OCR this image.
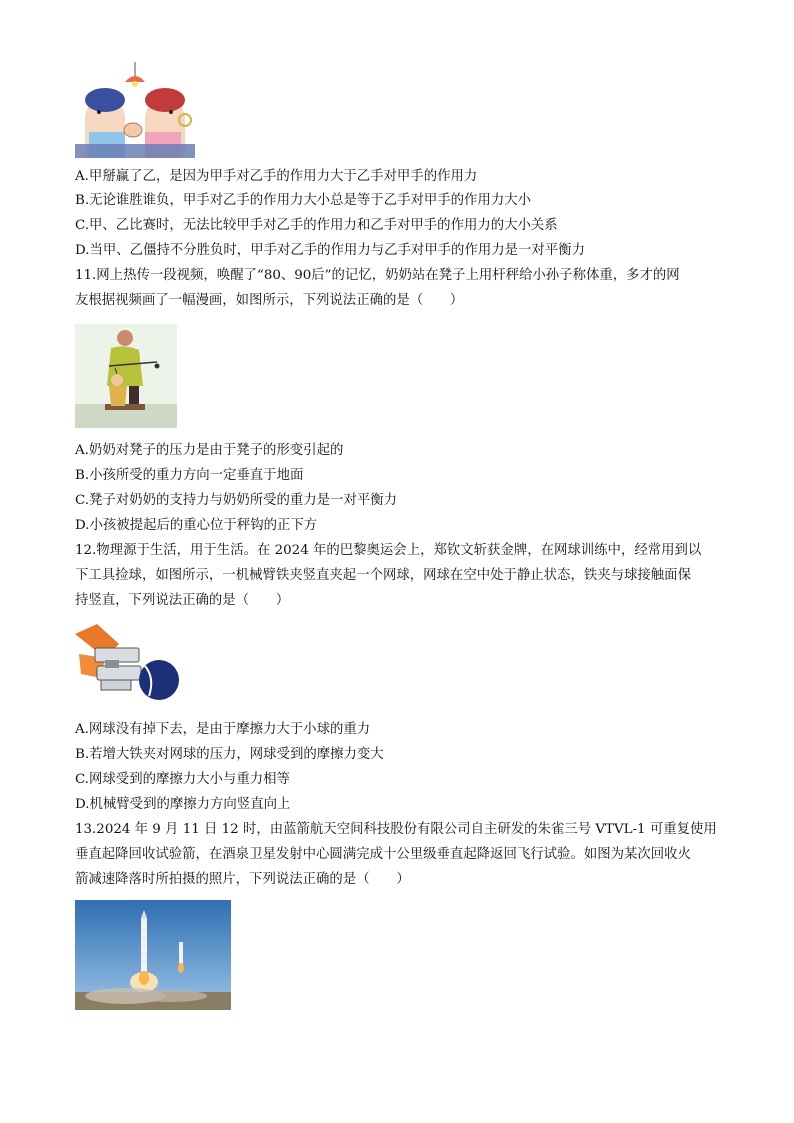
A.甲掰赢了乙，是因为甲手对乙手的作用力大于乙手对甲手的作用力
B.无论谁胜谁负，甲手对乙手的作用力大小总是等于乙手对甲手的作用力大小
C.甲、乙比赛时，无法比较甲手对乙手的作用力和乙手对甲手的作用力的大小关系
D.当甲、乙僵持不分胜负时，甲手对乙手的作用力与乙手对甲手的作用力是一对平衡力
11.网上热传一段视频，唤醒了“80、90后”的记忆，奶奶站在凳子上用杆秤给小孙子称体重，多才的网
友根据视频画了一幅漫画，如图所示，下列说法正确的是（　　）
A.奶奶对凳子的压力是由于凳子的形变引起的
B.小孩所受的重力方向一定垂直于地面
C.凳子对奶奶的支持力与奶奶所受的重力是一对平衡力
D.小孩被提起后的重心位于秤钩的正下方
12.物理源于生活，用于生活。在 2024 年的巴黎奥运会上，郑钦文斩获金牌，在网球训练中，经常用到以
下工具捡球，如图所示，一机械臂铁夹竖直夹起一个网球，网球在空中处于静止状态，铁夹与球接触面保
持竖直，下列说法正确的是（　　）
A.网球没有掉下去，是由于摩擦力大于小球的重力
B.若增大铁夹对网球的压力，网球受到的摩擦力变大
C.网球受到的摩擦力大小与重力相等
D.机械臂受到的摩擦力方向竖直向上
13.2024 年 9 月 11 日 12 时，由蓝箭航天空间科技股份有限公司自主研发的朱雀三号 VTVL-1 可重复使用
垂直起降回收试验箭，在酒泉卫星发射中心圆满完成十公里级垂直起降返回飞行试验。如图为某次回收火
箭减速降落时所拍摄的照片，下列说法正确的是（　　）
